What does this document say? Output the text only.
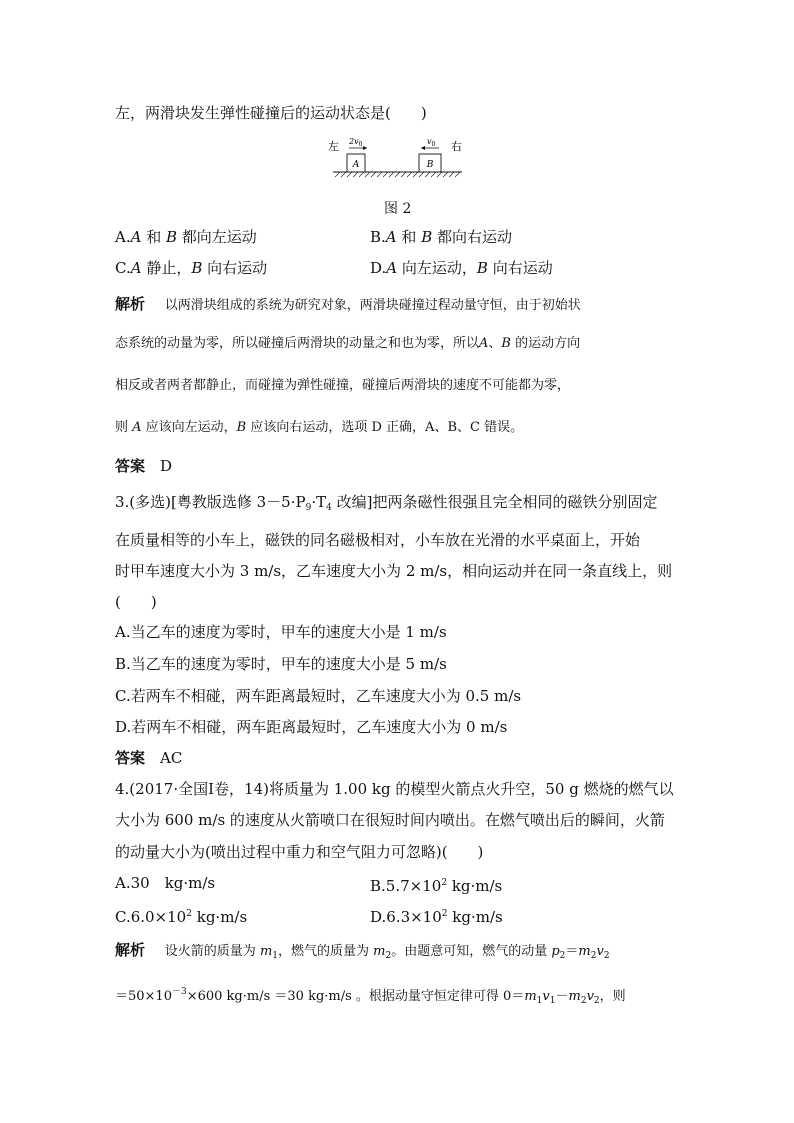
左，两滑块发生弹性碰撞后的运动状态是(　　)
左	右
$2v_0$	$v_0$
A	B
图 2
A.A 和 B 都向左运动	B.A 和 B 都向右运动
C.A 静止，B 向右运动	D.A 向左运动，B 向右运动
解析　 以两滑块组成的系统为研究对象，两滑块碰撞过程动量守恒，由于初始状
态系统的动量为零，所以碰撞后两滑块的动量之和也为零，所以A、B 的运动方向
相反或者两者都静止，而碰撞为弹性碰撞，碰撞后两滑块的速度不可能都为零，
则 A 应该向左运动，B 应该向右运动，选项 D 正确，A、B、C 错误。
答案　 D
3.(多选)[粤教版选修 $3-5\cdot P_9\cdot T_4$ 改编]把两条磁性很强且完全相同的磁铁分别固定
在质量相等的小车上，磁铁的同名磁极相对，小车放在光滑的水平桌面上，开始
时甲车速度大小为 3 m/s，乙车速度大小为 2 m/s，相向运动并在同一条直线上，则
(　　)
A.当乙车的速度为零时，甲车的速度大小是 1 m/s
B.当乙车的速度为零时，甲车的速度大小是 5 m/s
C.若两车不相碰，两车距离最短时，乙车速度大小为 0.5 m/s
D.若两车不相碰，两车距离最短时，乙车速度大小为 0 m/s
答案　 AC
4.(2017·全国Ⅰ卷，14)将质量为 1.00 kg 的模型火箭点火升空，50 g 燃烧的燃气以
大小为 600 m/s 的速度从火箭喷口在很短时间内喷出。在燃气喷出后的瞬间，火箭
的动量大小为(喷出过程中重力和空气阻力可忽略)(　　)
A.30　kg·m/s	$B.5.7\times 10^2$ kg·m/s
$C.6.0\times 10^2$ kg·m/s	$D.6.3\times 10^2$ kg·m/s
解析　 设火箭的质量为 $m_1$，燃气的质量为 $m_2$。由题意可知，燃气的动量 $p_2=m_2v_2$
$=50\times 10^{-3}\times 600$ kg·m/s ＝30 kg·m/s 。根据动量守恒定律可得 $0=m_1v_1-m_2v_2$，则
